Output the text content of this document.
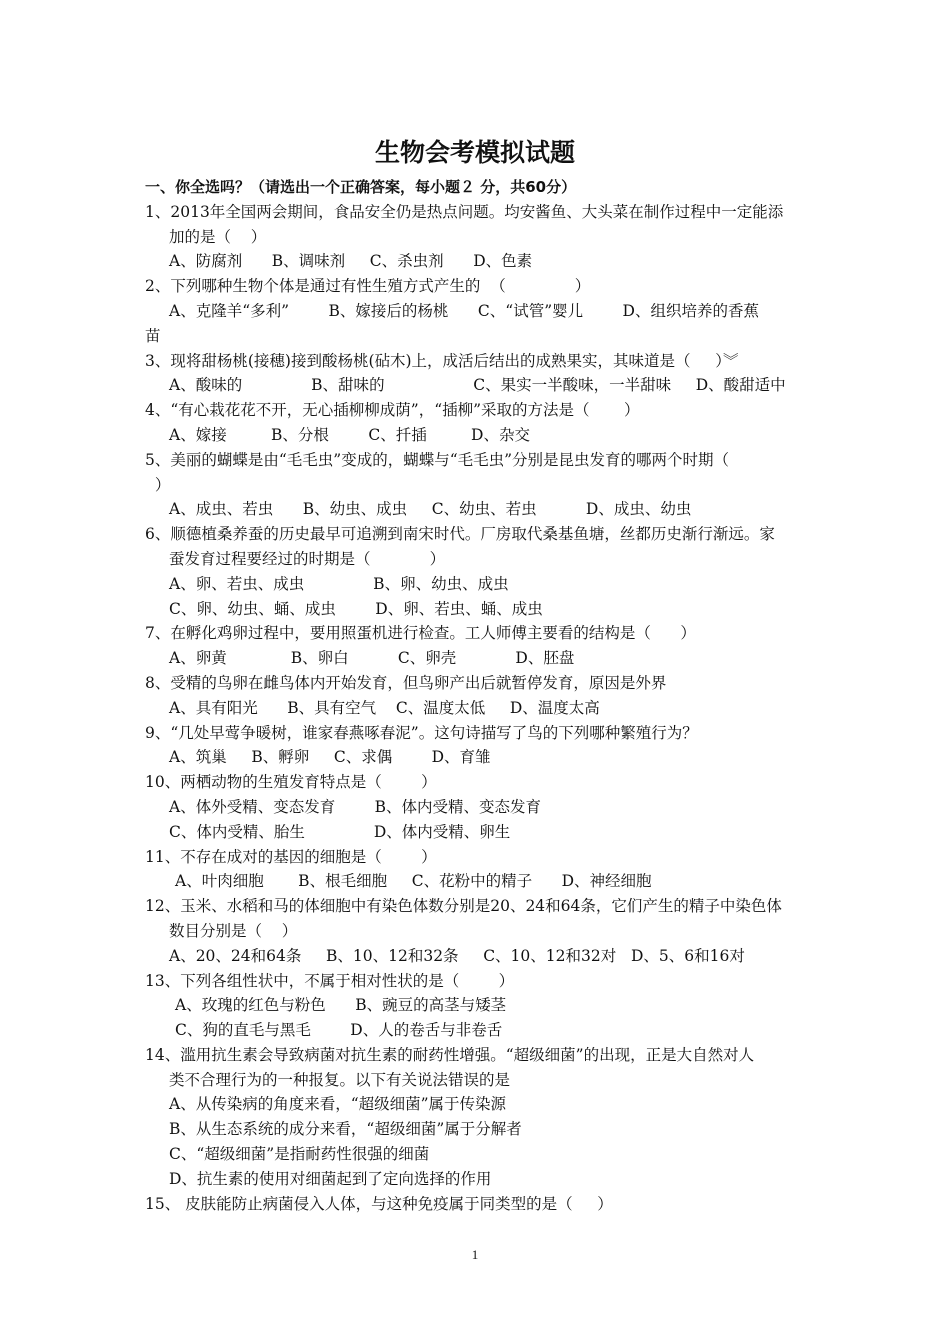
生物会考模拟试题
一、你全选吗？（请选出一个正确答案，每小题２ 分，共60分）
1、2013年全国两会期间，食品安全仍是热点问题。均安酱鱼、大头菜在制作过程中一定能添
加的是（    ）
A、防腐剂      B、调味剂     C、杀虫剂      D、色素
2、下列哪种生物个体是通过有性生殖方式产生的  （              ）
A、克隆羊“多利”        B、嫁接后的杨桃      C、“试管”婴儿        D、组织培养的香蕉
苗
3、现将甜杨桃(接穗)接到酸杨桃(砧木)上，成活后结出的成熟果实，其味道是（     ）︾
A、酸味的              B、甜味的                  C、果实一半酸味，一半甜味     D、酸甜适中
4、“有心栽花花不开，无心插柳柳成荫”，“插柳”采取的方法是（       ）
A、嫁接         B、分根        C、扦插         D、杂交
5、美丽的蝴蝶是由“毛毛虫”变成的，蝴蝶与“毛毛虫”分别是昆虫发育的哪两个时期（
）
A、成虫、若虫      B、幼虫、成虫     C、幼虫、若虫          D、成虫、幼虫
6、顺德植桑养蚕的历史最早可追溯到南宋时代。厂房取代桑基鱼塘，丝都历史渐行渐远。家
蚕发育过程要经过的时期是（            ）
A、卵、若虫、成虫              B、卵、幼虫、成虫
C、卵、幼虫、蛹、成虫        D、卵、若虫、蛹、成虫
7、在孵化鸡卵过程中，要用照蛋机进行检查。工人师傅主要看的结构是（      ）
A、卵黄             B、卵白          C、卵壳            D、胚盘
8、受精的鸟卵在雌鸟体内开始发育，但鸟卵产出后就暂停发育，原因是外界
A、具有阳光      B、具有空气    C、温度太低     D、温度太高
9、“几处早莺争暖树，谁家春燕啄春泥”。这句诗描写了鸟的下列哪种繁殖行为？
A、筑巢     B、孵卵     C、求偶        D、育雏
10、两栖动物的生殖发育特点是（        ）
A、体外受精、变态发育        B、体内受精、变态发育
C、体内受精、胎生              D、体内受精、卵生
11、不存在成对的基因的细胞是（        ）
A、叶肉细胞       B、根毛细胞     C、花粉中的精子      D、神经细胞
12、玉米、水稻和马的体细胞中有染色体数分别是20、24和64条，它们产生的精子中染色体
数目分别是（    ）
A、20、24和64条     B、10、12和32条     C、10、12和32对   D、5、6和16对
13、下列各组性状中，不属于相对性状的是（        ）
A、玫瑰的红色与粉色      B、豌豆的高茎与矮茎
C、狗的直毛与黑毛        D、人的卷舌与非卷舌
14、滥用抗生素会导致病菌对抗生素的耐药性增强。“超级细菌”的出现，正是大自然对人
类不合理行为的一种报复。以下有关说法错误的是
A、从传染病的角度来看，“超级细菌”属于传染源
B、从生态系统的成分来看，“超级细菌”属于分解者
C、“超级细菌”是指耐药性很强的细菌
D、抗生素的使用对细菌起到了定向选择的作用
15、 皮肤能防止病菌侵入人体，与这种免疫属于同类型的是（     ）
1
